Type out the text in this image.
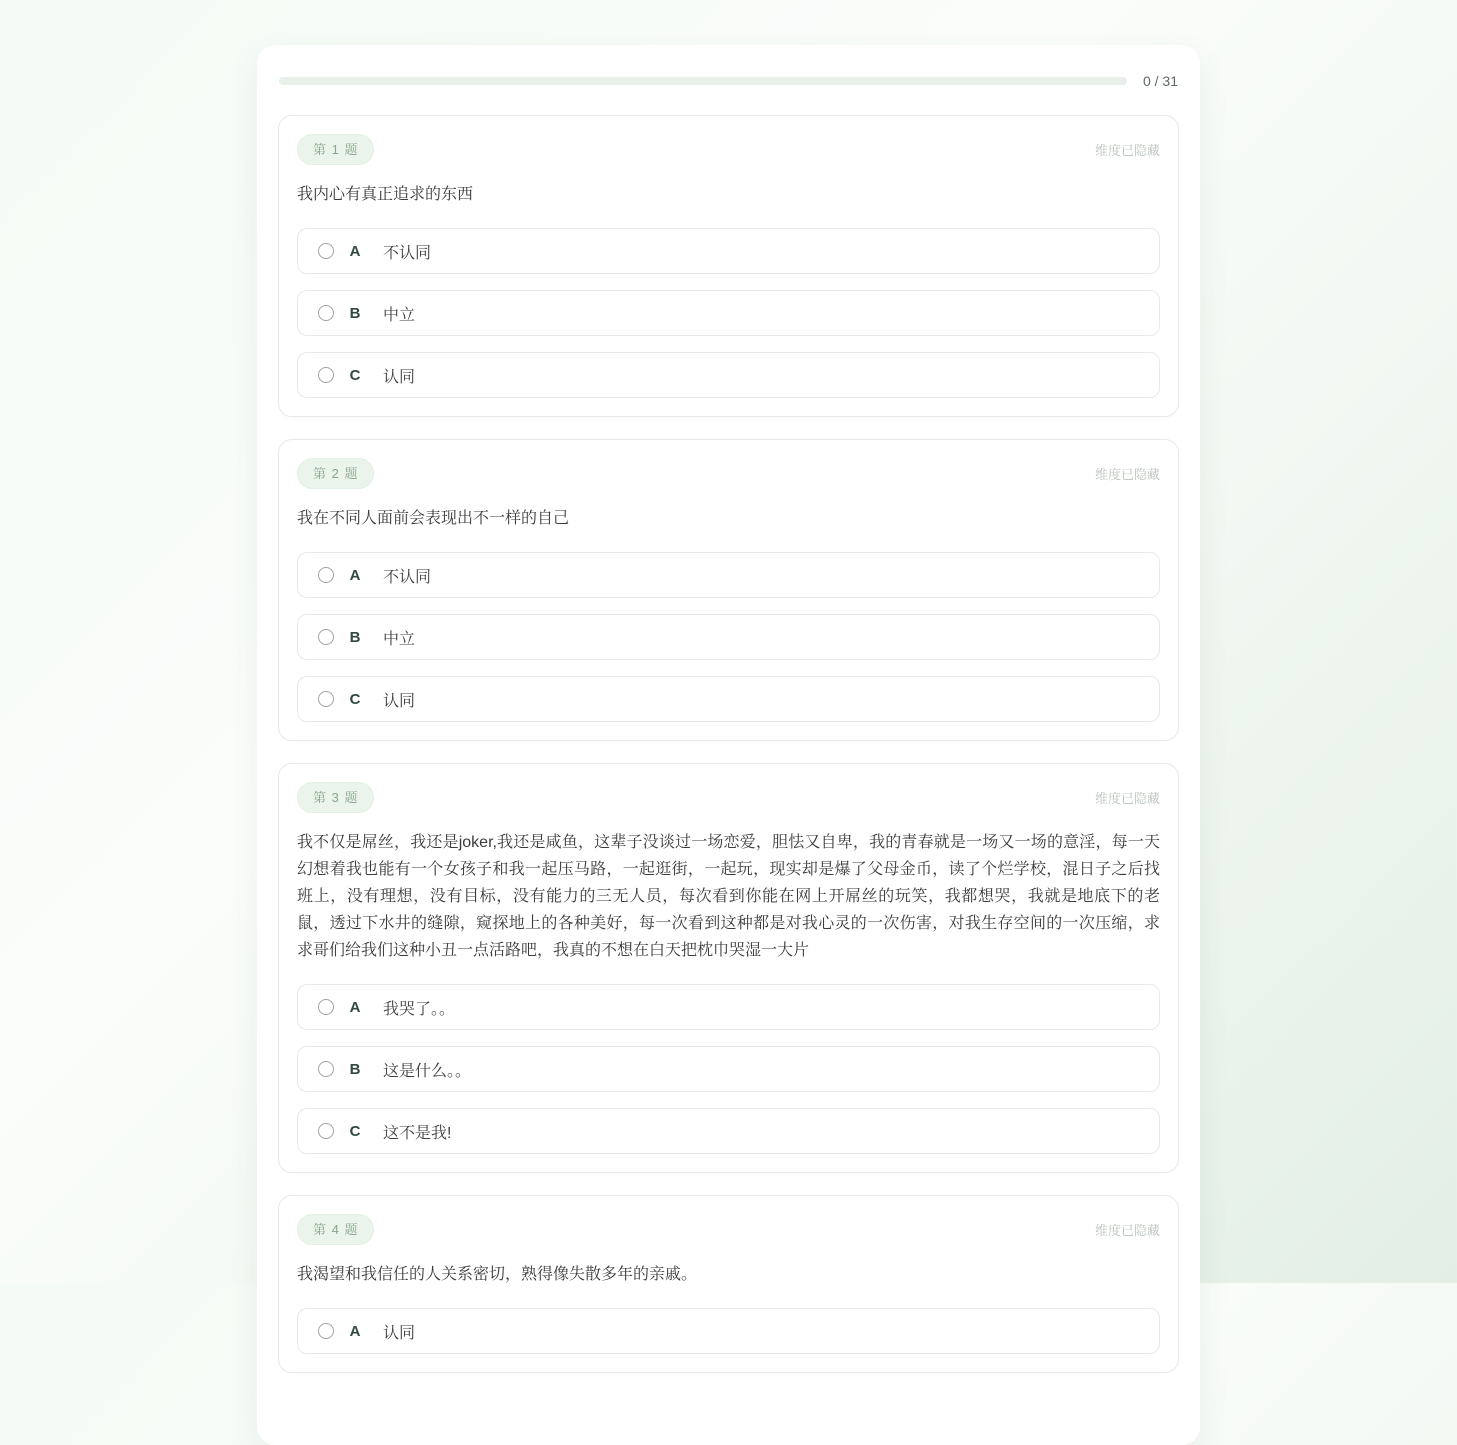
0 / 31
第 1 题	维度已隐藏

我内心有真正追求的东西

A 不认同
B 中立
C 认同
第 2 题	维度已隐藏

我在不同人面前会表现出不一样的自己

A 不认同
B 中立
C 认同
第 3 题	维度已隐藏

我不仅是屌丝，我还是joker,我还是咸鱼，这辈子没谈过一场恋爱，胆怯又自卑，我的青春就是一场又一场的意淫，每一天幻想着我也能有一个女孩子和我一起压马路，一起逛街，一起玩，现实却是爆了父母金币，读了个烂学校，混日子之后找班上，没有理想，没有目标，没有能力的三无人员，每次看到你能在网上开屌丝的玩笑，我都想哭，我就是地底下的老鼠，透过下水井的缝隙，窥探地上的各种美好，每一次看到这种都是对我心灵的一次伤害，对我生存空间的一次压缩，求求哥们给我们这种小丑一点活路吧，我真的不想在白天把枕巾哭湿一大片

A 我哭了。。
B 这是什么。。
C 这不是我!
第 4 题	维度已隐藏

我渴望和我信任的人关系密切，熟得像失散多年的亲戚。

A 认同
